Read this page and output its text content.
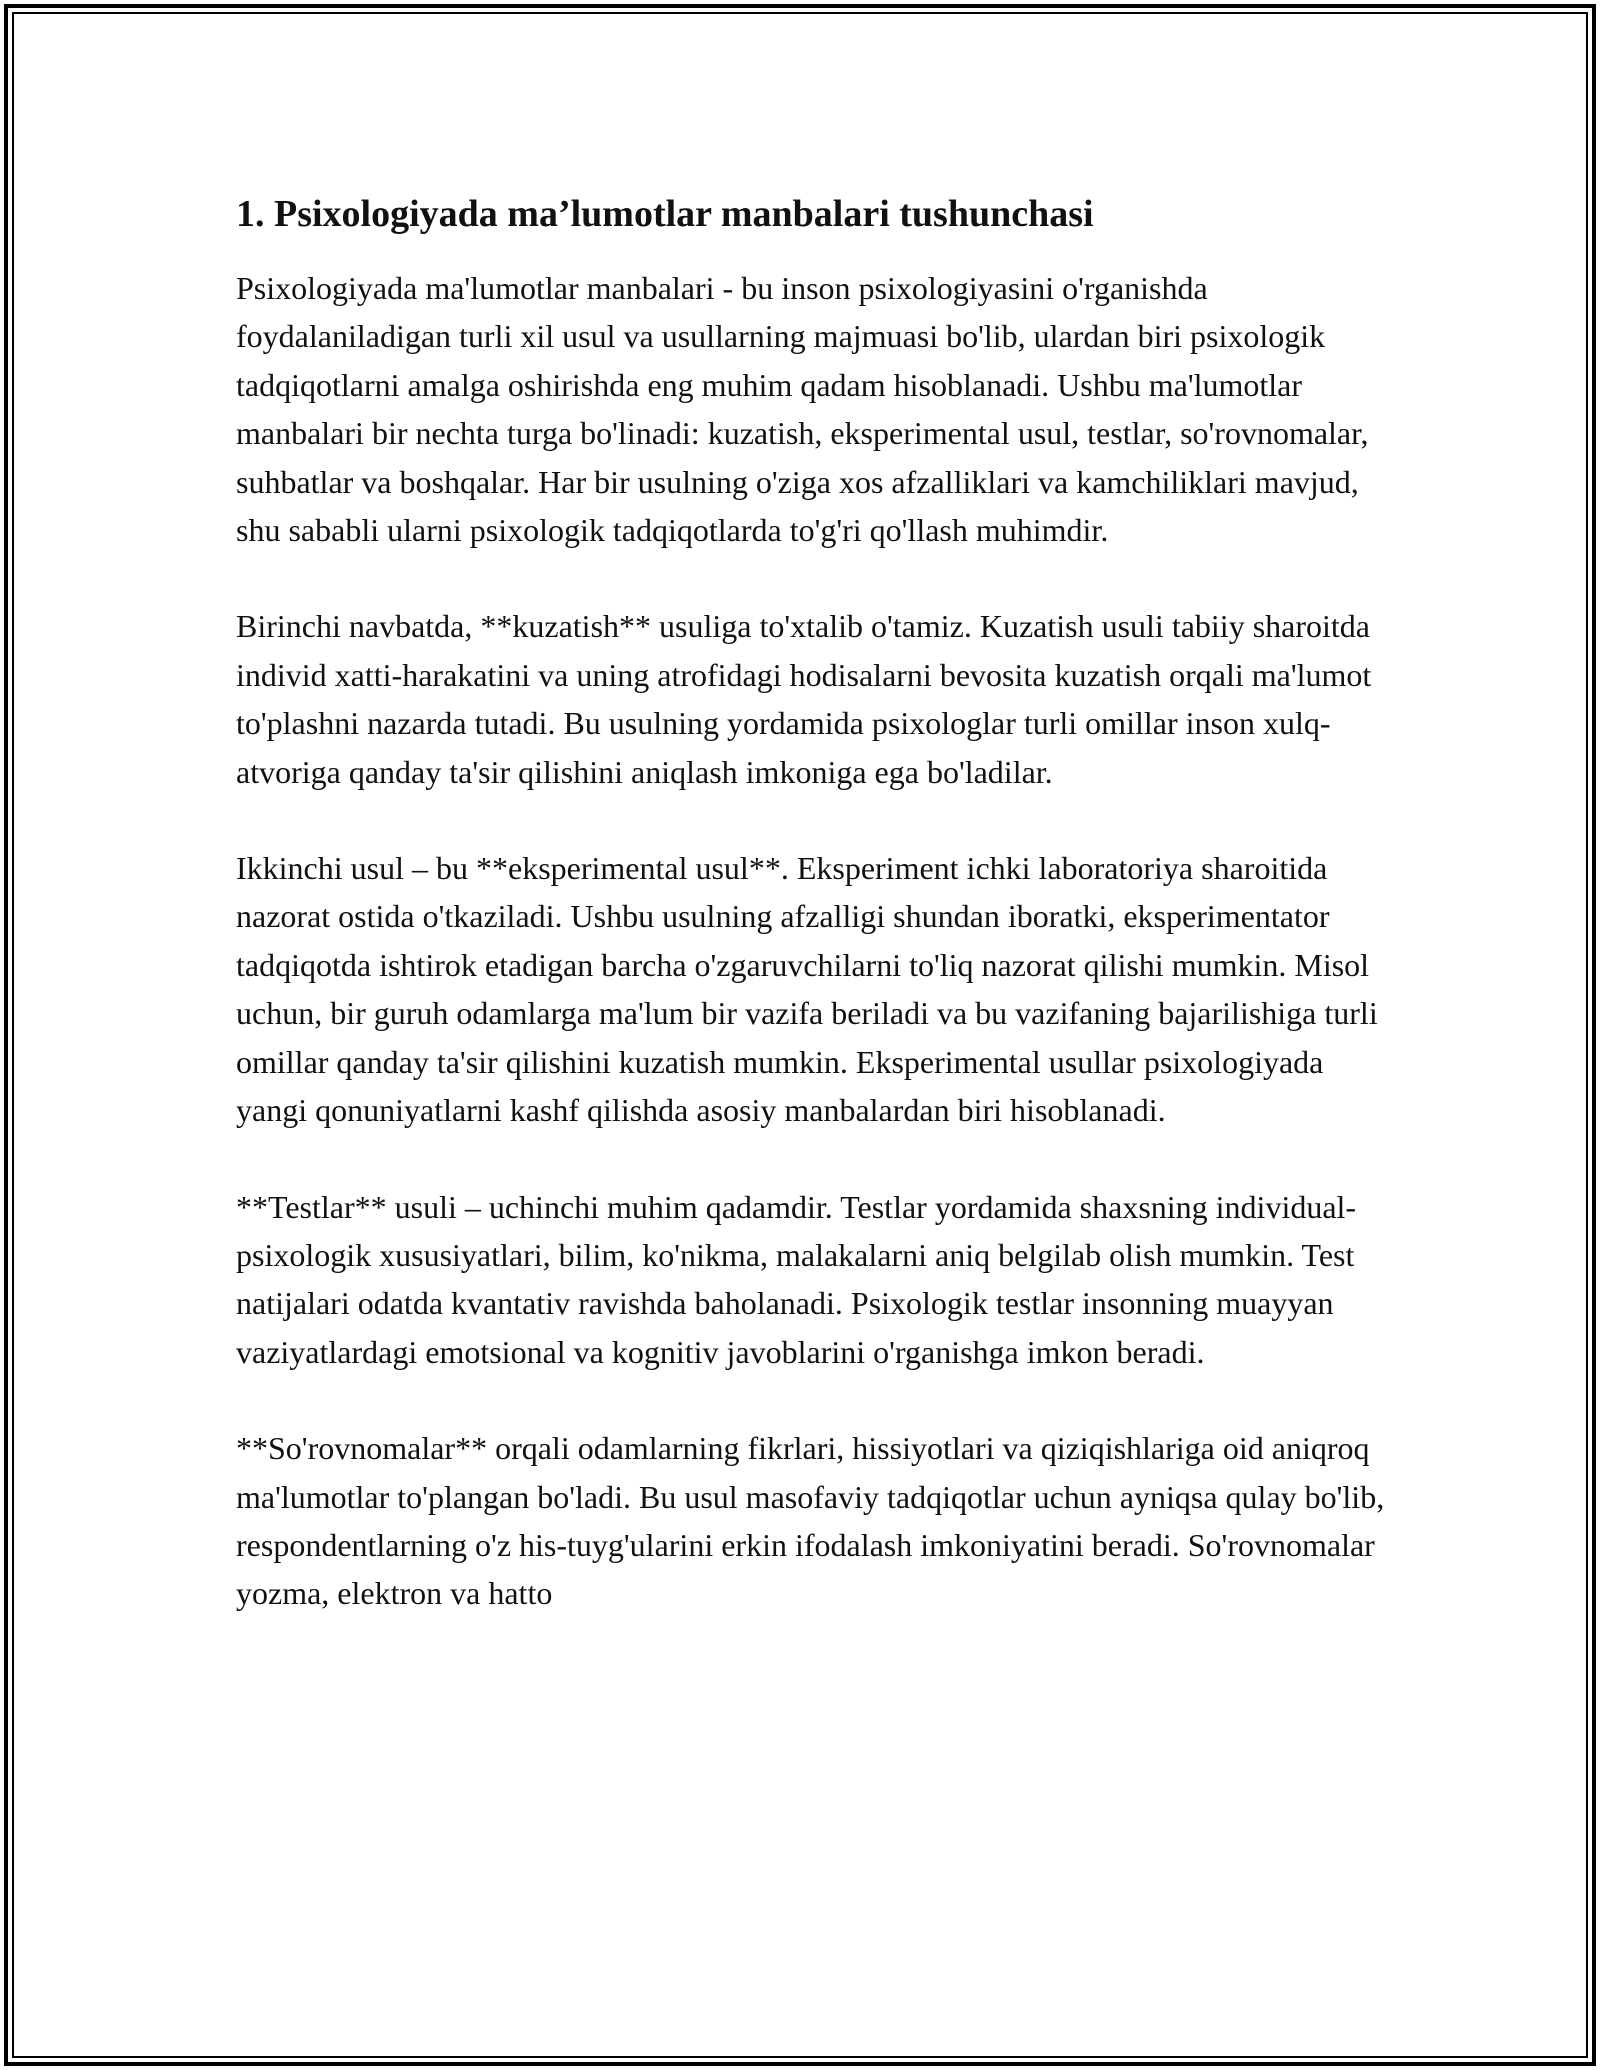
1. Psixologiyada ma’lumotlar manbalari tushunchasi

Psixologiyada ma'lumotlar manbalari - bu inson psixologiyasini o'rganishda foydalaniladigan turli xil usul va usullarning majmuasi bo'lib, ulardan biri psixologik tadqiqotlarni amalga oshirishda eng muhim qadam hisoblanadi. Ushbu ma'lumotlar manbalari bir nechta turga bo'linadi: kuzatish, eksperimental usul, testlar, so'rovnomalar, suhbatlar va boshqalar. Har bir usulning o'ziga xos afzalliklari va kamchiliklari mavjud, shu sababli ularni psixologik tadqiqotlarda to'g'ri qo'llash muhimdir.

Birinchi navbatda, **kuzatish** usuliga to'xtalib o'tamiz. Kuzatish usuli tabiiy sharoitda individ xatti-harakatini va uning atrofidagi hodisalarni bevosita kuzatish orqali ma'lumot to'plashni nazarda tutadi. Bu usulning yordamida psixologlar turli omillar inson xulq-atvoriga qanday ta'sir qilishini aniqlash imkoniga ega bo'ladilar.

Ikkinchi usul – bu **eksperimental usul**. Eksperiment ichki laboratoriya sharoitida nazorat ostida o'tkaziladi. Ushbu usulning afzalligi shundan iboratki, eksperimentator tadqiqotda ishtirok etadigan barcha o'zgaruvchilarni to'liq nazorat qilishi mumkin. Misol uchun, bir guruh odamlarga ma'lum bir vazifa beriladi va bu vazifaning bajarilishiga turli omillar qanday ta'sir qilishini kuzatish mumkin. Eksperimental usullar psixologiyada yangi qonuniyatlarni kashf qilishda asosiy manbalardan biri hisoblanadi.

**Testlar** usuli – uchinchi muhim qadamdir. Testlar yordamida shaxsning individual-psixologik xususiyatlari, bilim, ko'nikma, malakalarni aniq belgilab olish mumkin. Test natijalari odatda kvantativ ravishda baholanadi. Psixologik testlar insonning muayyan vaziyatlardagi emotsional va kognitiv javoblarini o'rganishga imkon beradi.

**So'rovnomalar** orqali odamlarning fikrlari, hissiyotlari va qiziqishlariga oid aniqroq ma'lumotlar to'plangan bo'ladi. Bu usul masofaviy tadqiqotlar uchun ayniqsa qulay bo'lib, respondentlarning o'z his-tuyg'ularini erkin ifodalash imkoniyatini beradi. So'rovnomalar yozma, elektron va hatto
